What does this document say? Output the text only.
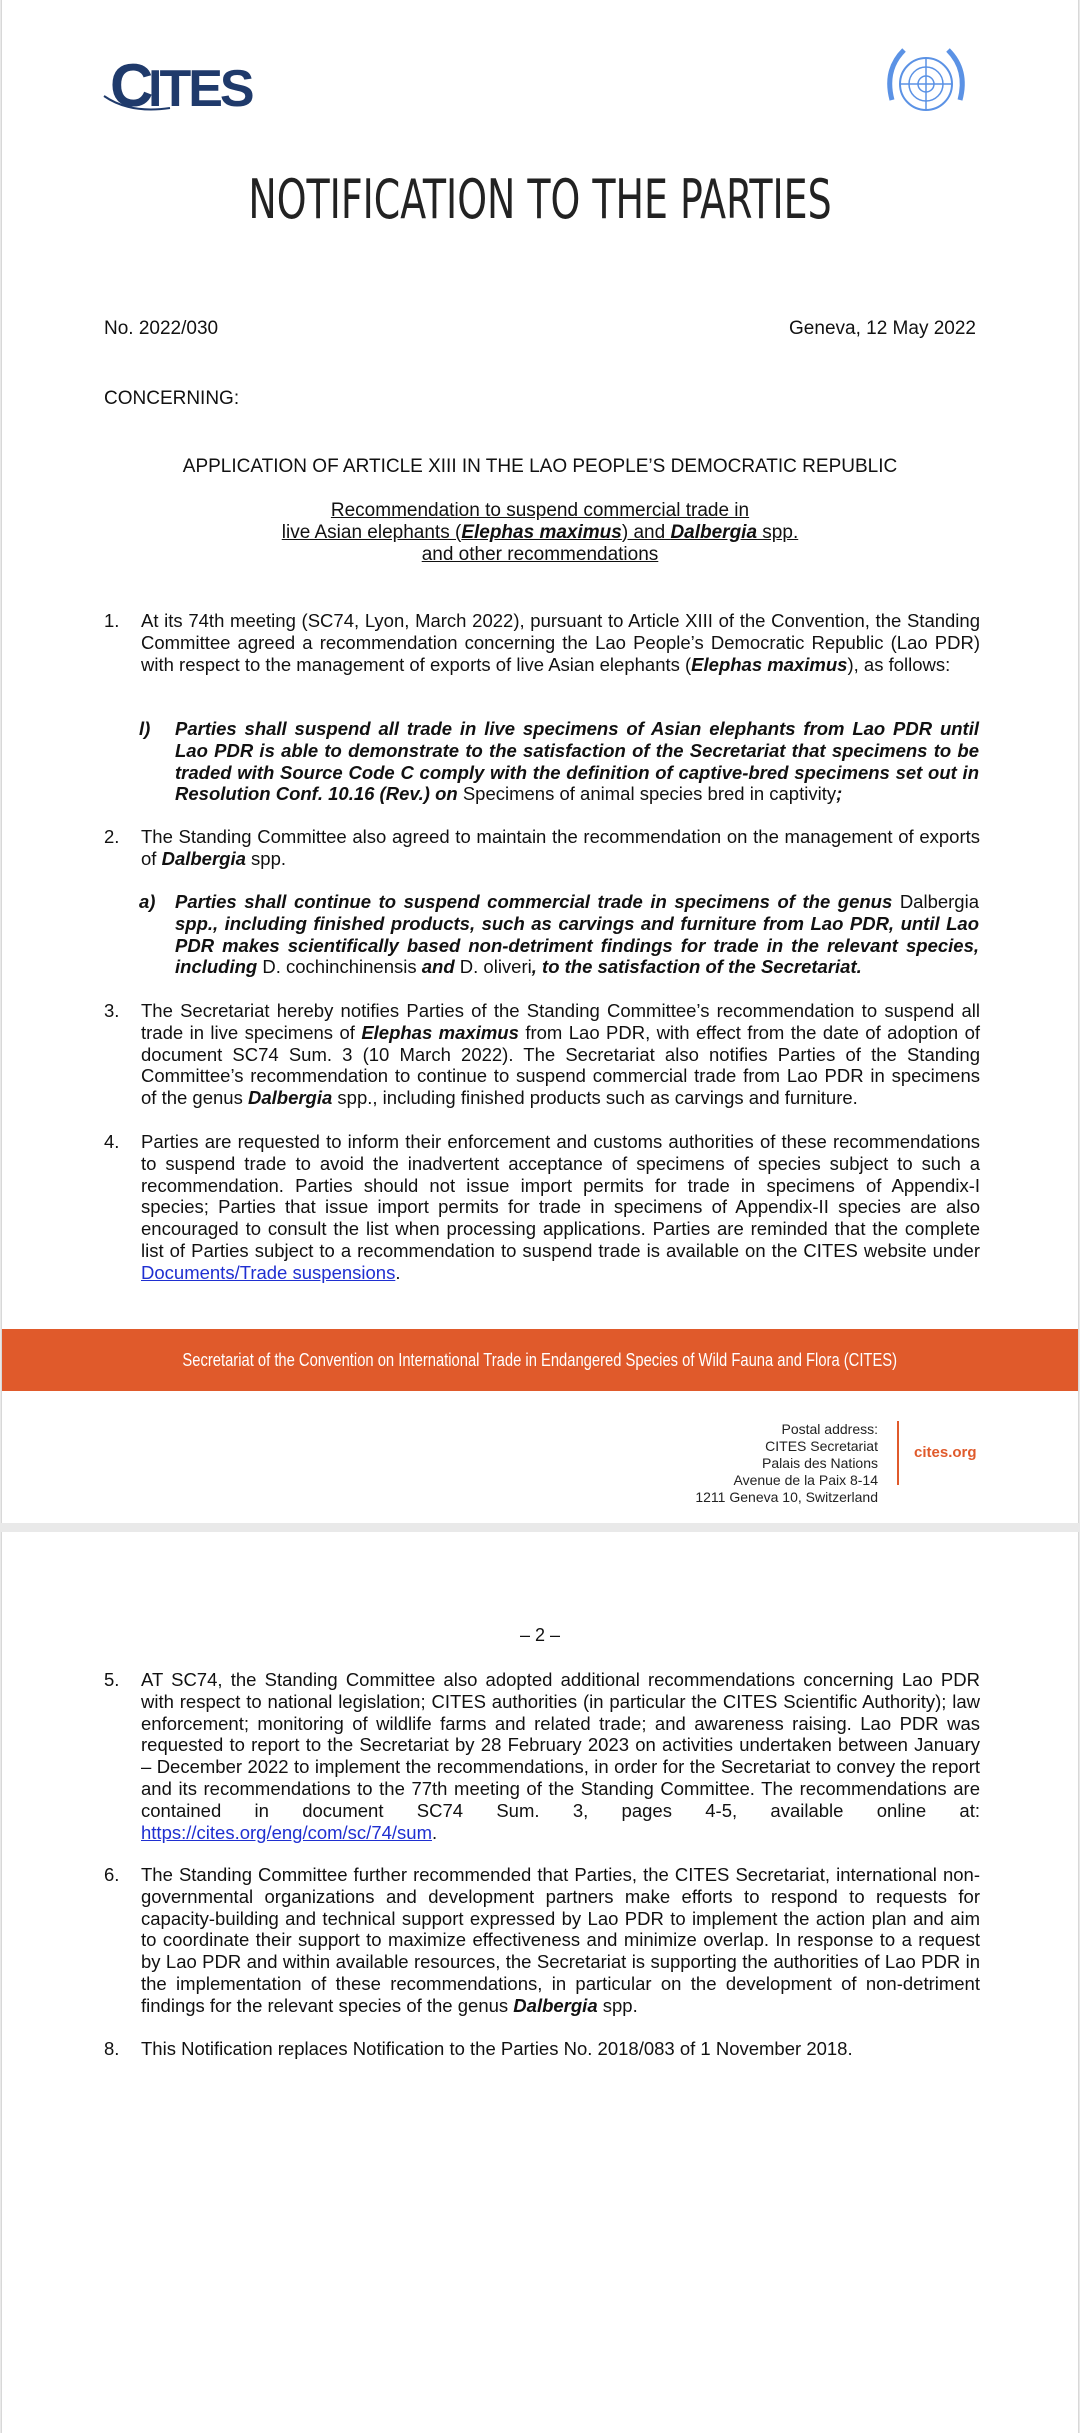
C
ITES
NOTIFICATION TO THE PARTIES
No. 2022/030	Geneva, 12 May 2022
CONCERNING:
APPLICATION OF ARTICLE XIII IN THE LAO PEOPLE’S DEMOCRATIC REPUBLIC
Recommendation to suspend commercial trade in
live Asian elephants (Elephas maximus) and Dalbergia spp.
and other recommendations
1. At its 74th meeting (SC74, Lyon, March 2022), pursuant to Article XIII of the Convention, the Standing Committee agreed a recommendation concerning the Lao People’s Democratic Republic (Lao PDR) with respect to the management of exports of live Asian elephants (Elephas maximus), as follows:
l) Parties shall suspend all trade in live specimens of Asian elephants from Lao PDR until Lao PDR is able to demonstrate to the satisfaction of the Secretariat that specimens to be traded with Source Code C comply with the definition of captive-bred specimens set out in Resolution Conf. 10.16 (Rev.) on Specimens of animal species bred in captivity;
2. The Standing Committee also agreed to maintain the recommendation on the management of exports of Dalbergia spp.
a) Parties shall continue to suspend commercial trade in specimens of the genus Dalbergia spp., including finished products, such as carvings and furniture from Lao PDR, until Lao PDR makes scientifically based non-detriment findings for trade in the relevant species, including D. cochinchinensis and D. oliveri, to the satisfaction of the Secretariat.
3. The Secretariat hereby notifies Parties of the Standing Committee’s recommendation to suspend all trade in live specimens of Elephas maximus from Lao PDR, with effect from the date of adoption of document SC74 Sum. 3 (10 March 2022). The Secretariat also notifies Parties of the Standing Committee’s recommendation to continue to suspend commercial trade from Lao PDR in specimens of the genus Dalbergia spp., including finished products such as carvings and furniture.
4. Parties are requested to inform their enforcement and customs authorities of these recommendations to suspend trade to avoid the inadvertent acceptance of specimens of species subject to such a recommendation. Parties should not issue import permits for trade in specimens of Appendix-I species; Parties that issue import permits for trade in specimens of Appendix-II species are also encouraged to consult the list when processing applications. Parties are reminded that the complete list of Parties subject to a recommendation to suspend trade is available on the CITES website under Documents/Trade suspensions.
Secretariat of the Convention on International Trade in Endangered Species of Wild Fauna and Flora (CITES)
Postal address:
CITES Secretariat
Palais des Nations
Avenue de la Paix 8-14
1211 Geneva 10, Switzerland
cites.org
– 2 –
5. AT SC74, the Standing Committee also adopted additional recommendations concerning Lao PDR with respect to national legislation; CITES authorities (in particular the CITES Scientific Authority); law enforcement; monitoring of wildlife farms and related trade; and awareness raising. Lao PDR was requested to report to the Secretariat by 28 February 2023 on activities undertaken between January – December 2022 to implement the recommendations, in order for the Secretariat to convey the report and its recommendations to the 77th meeting of the Standing Committee. The recommendations are contained in document SC74 Sum. 3, pages 4-5, available online at: https://cites.org/eng/com/sc/74/sum.
6. The Standing Committee further recommended that Parties, the CITES Secretariat, international non-governmental organizations and development partners make efforts to respond to requests for capacity-building and technical support expressed by Lao PDR to implement the action plan and aim to coordinate their support to maximize effectiveness and minimize overlap. In response to a request by Lao PDR and within available resources, the Secretariat is supporting the authorities of Lao PDR in the implementation of these recommendations, in particular on the development of non-detriment findings for the relevant species of the genus Dalbergia spp.
8. This Notification replaces Notification to the Parties No. 2018/083 of 1 November 2018.
